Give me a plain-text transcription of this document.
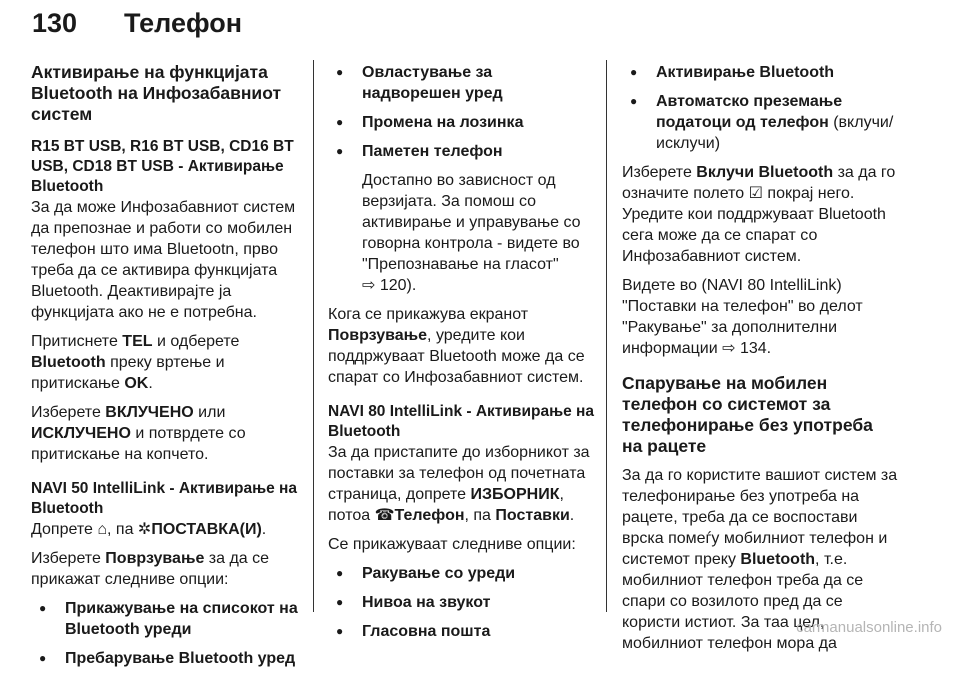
130 Телефон
Активирање на функцијата Bluetooth на Инфозабавниот систем
R15 BT USB, R16 BT USB, CD16 BT USB, CD18 BT USB - Активирање Bluetooth

За да може Инфозабавниот систем да препознае и работи со мобилен телефон што има Bluetootn, прво треба да се активира функцијата Bluetooth. Деактивирајте ја функцијата ако не е потребна.

Притиснете TEL и одберете Bluetooth преку вртење и притискање OK.

Изберете ВКЛУЧЕНО или ИСКЛУЧЕНО и потврдете со притискање на копчето.

NAVI 50 IntelliLink - Активирање на Bluetooth

Допрете ⌂, па ✲ПОСТАВКА(И).

Изберете Поврзување за да се прикажат следниве опции:

● Прикажување на списокот на Bluetooth уреди
● Пребарување Bluetooth уред
● Овластување за надворешен уред
● Промена на лозинка
● Паметен телефон

Достапно во зависност од верзијата. За помош со активирање и управување со говорна контрола - видете во "Препознавање на гласот"
⇨ 120).

Кога се прикажува екранот Поврзување, уредите кои поддржуваат Bluetooth може да се спарат со Инфозабавниот систем.

NAVI 80 IntelliLink - Активирање на Bluetooth

За да пристапите до изборникот за поставки за телефон од почетната страница, допрете ИЗБОРНИК, потоа ☎Телефон, па Поставки.

Се прикажуваат следниве опции:

● Ракување со уреди
● Нивоа на звукот
● Гласовна пошта
● Активирање Bluetooth
● Автоматско преземање податоци од телефон (вклучи/ исклучи)

Изберете Вклучи Bluetooth за да го означите полето ☑ покрај него. Уредите кои поддржуваат Bluetooth сега може да се спарат со Инфозабавниот систем.

Видете во (NAVI 80 IntelliLink) "Поставки на телефон" во делот "Ракување" за дополнителни информации ⇨ 134.

Спарување на мобилен телефон со системот за телефонирање без употреба на рацете

За да го користите вашиот систем за телефонирање без употреба на рацете, треба да се воспостави врска помеѓу мобилниот телефон и системот преку Bluetooth, т.е. мобилниот телефон треба да се спари со возилото пред да се користи истиот. За таа цел, мобилниот телефон мора да

carmanualsonline.info
